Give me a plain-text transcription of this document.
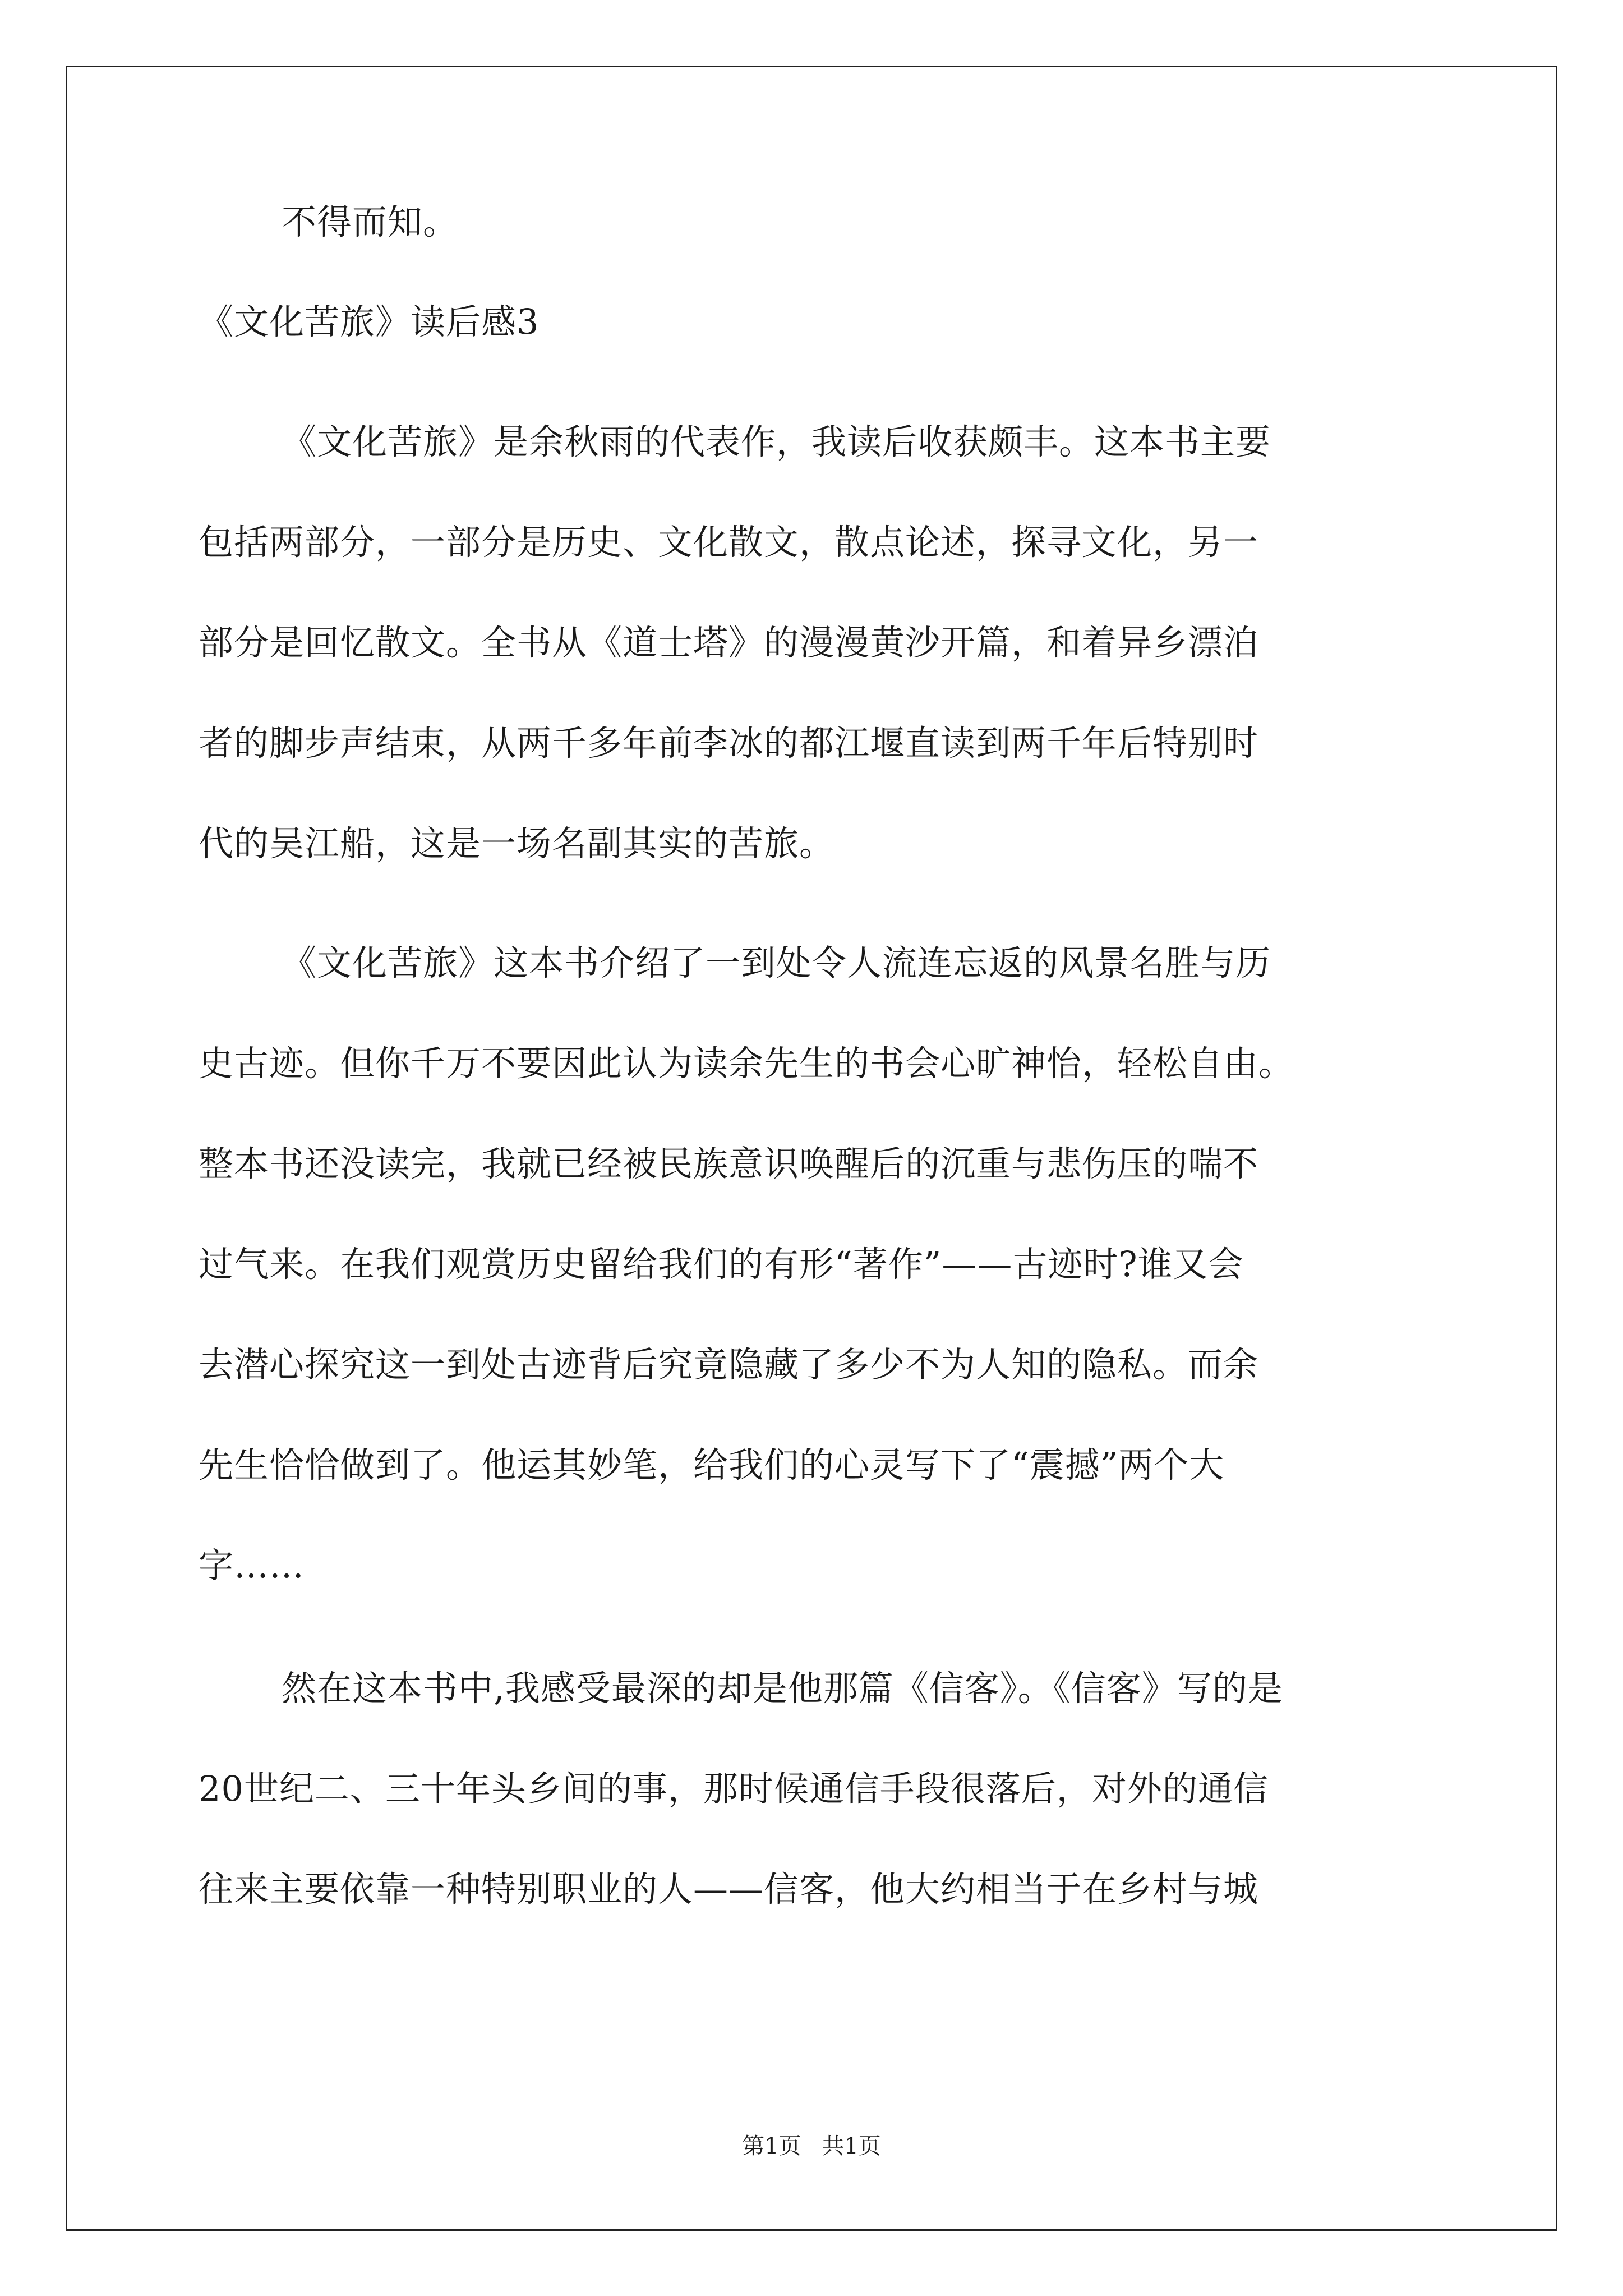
不得而知。
《文化苦旅》读后感3
《文化苦旅》是余秋雨的代表作，我读后收获颇丰。这本书主要
包括两部分，一部分是历史、文化散文，散点论述，探寻文化，另一
部分是回忆散文。全书从《道士塔》的漫漫黄沙开篇，和着异乡漂泊
者的脚步声结束，从两千多年前李冰的都江堰直读到两千年后特别时
代的吴江船，这是一场名副其实的苦旅。
《文化苦旅》这本书介绍了一到处令人流连忘返的风景名胜与历
史古迹。但你千万不要因此认为读余先生的书会心旷神怡，轻松自由。
整本书还没读完，我就已经被民族意识唤醒后的沉重与悲伤压的喘不
过气来。在我们观赏历史留给我们的有形“著作”——古迹时?谁又会
去潜心探究这一到处古迹背后究竟隐藏了多少不为人知的隐私。而余
先生恰恰做到了。他运其妙笔，给我们的心灵写下了“震撼”两个大
字……
然在这本书中,我感受最深的却是他那篇《信客》。《信客》写的是
20世纪二、三十年头乡间的事，那时候通信手段很落后，对外的通信
往来主要依靠一种特别职业的人——信客，他大约相当于在乡村与城
第1页 共1页
